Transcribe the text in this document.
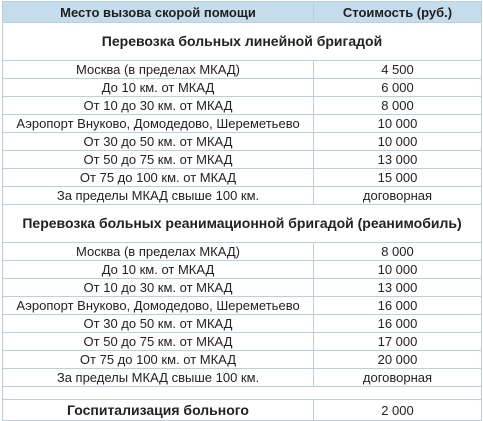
Место вызова скорой помощи	Стоимость (руб.)
Перевозка больных линейной бригадой	
Москва (в пределах МКАД)	4 500
До 10 км. от МКАД	6 000
От 10 до 30 км. от МКАД	8 000
Аэропорт Внуково, Домодедово, Шереметьево	10 000
От 30 до 50 км. от МКАД	10 000
От 50 до 75 км. от МКАД	13 000
От 75 до 100 км. от МКАД	15 000
За пределы МКАД свыше 100 км.	договорная
Перевозка больных реанимационной бригадой (реанимобиль)	
Москва (в пределах МКАД)	8 000
До 10 км. от МКАД	10 000
От 10 до 30 км. от МКАД	13 000
Аэропорт Внуково, Домодедово, Шереметьево	16 000
От 30 до 50 км. от МКАД	16 000
От 50 до 75 км. от МКАД	17 000
От 75 до 100 км. от МКАД	20 000
За пределы МКАД свыше 100 км.	договорная

Госпитализация больного	2 000
